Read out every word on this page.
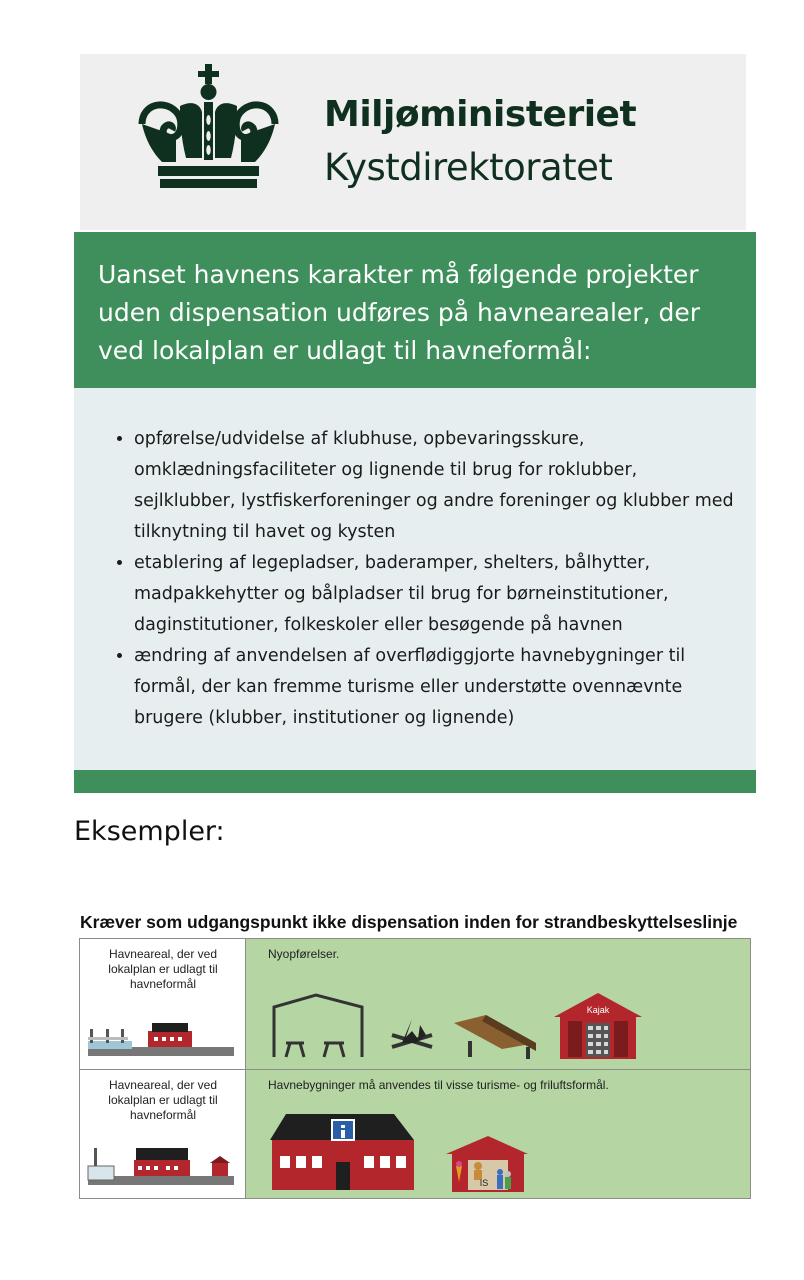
Miljøministeriet
Kystdirektoratet

Uanset havnens karakter må følgende projekter uden dispensation udføres på havnearealer, der ved lokalplan er udlagt til havneformål:

• opførelse/udvidelse af klubhuse, opbevaringsskure, omklædningsfaciliteter og lignende til brug for roklubber, sejlklubber, lystfiskerforeninger og andre foreninger og klubber med tilknytning til havet og kysten
• etablering af legepladser, baderamper, shelters, bålhytter, madpakkehytter og bålpladser til brug for børneinstitutioner, daginstitutioner, folkeskoler eller besøgende på havnen
• ændring af anvendelsen af overflødiggjorte havnebygninger til formål, der kan fremme turisme eller understøtte ovennævnte brugere (klubber, institutioner og lignende)
Eksempler:
Kræver som udgangspunkt ikke dispensation inden for strandbeskyttelseslinje
Havneareal, der ved lokalplan er udlagt til havneformål
Nyopførelser.
Kajak
Havneareal, der ved lokalplan er udlagt til havneformål
Havnebygninger må anvendes til visse turisme- og friluftsformål.
IS
